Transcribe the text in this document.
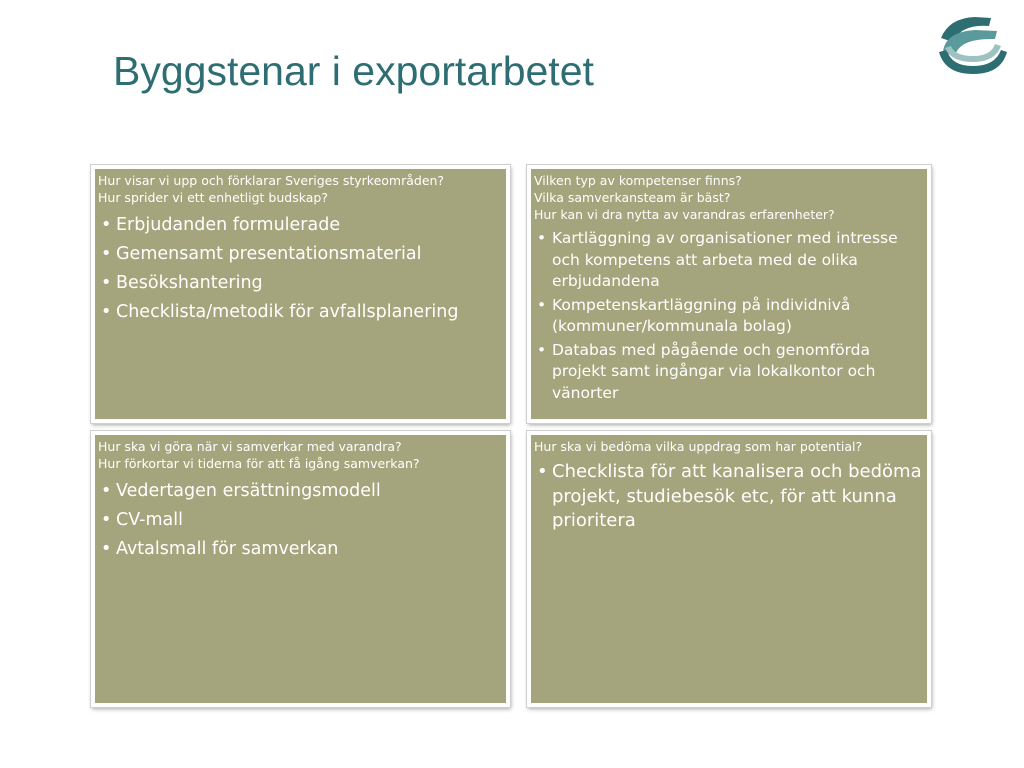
Byggstenar i exportarbetet
Hur visar vi upp och förklarar Sveriges styrkeområden?
Hur sprider vi ett enhetligt budskap?
• Erbjudanden formulerade
• Gemensamt presentationsmaterial
• Besökshantering
• Checklista/metodik för avfallsplanering
Vilken typ av kompetenser finns?
Vilka samverkansteam är bäst?
Hur kan vi dra nytta av varandras erfarenheter?
• Kartläggning av organisationer med intresse och kompetens att arbeta med de olika erbjudandena
• Kompetenskartläggning på individnivå (kommuner/kommunala bolag)
• Databas med pågående och genomförda projekt samt ingångar via lokalkontor och vänorter
Hur ska vi göra när vi samverkar med varandra?
Hur förkortar vi tiderna för att få igång samverkan?
• Vedertagen ersättningsmodell
• CV-mall
• Avtalsmall för samverkan
Hur ska vi bedöma vilka uppdrag som har potential?
• Checklista för att kanalisera och bedöma projekt, studiebesök etc, för att kunna prioritera
